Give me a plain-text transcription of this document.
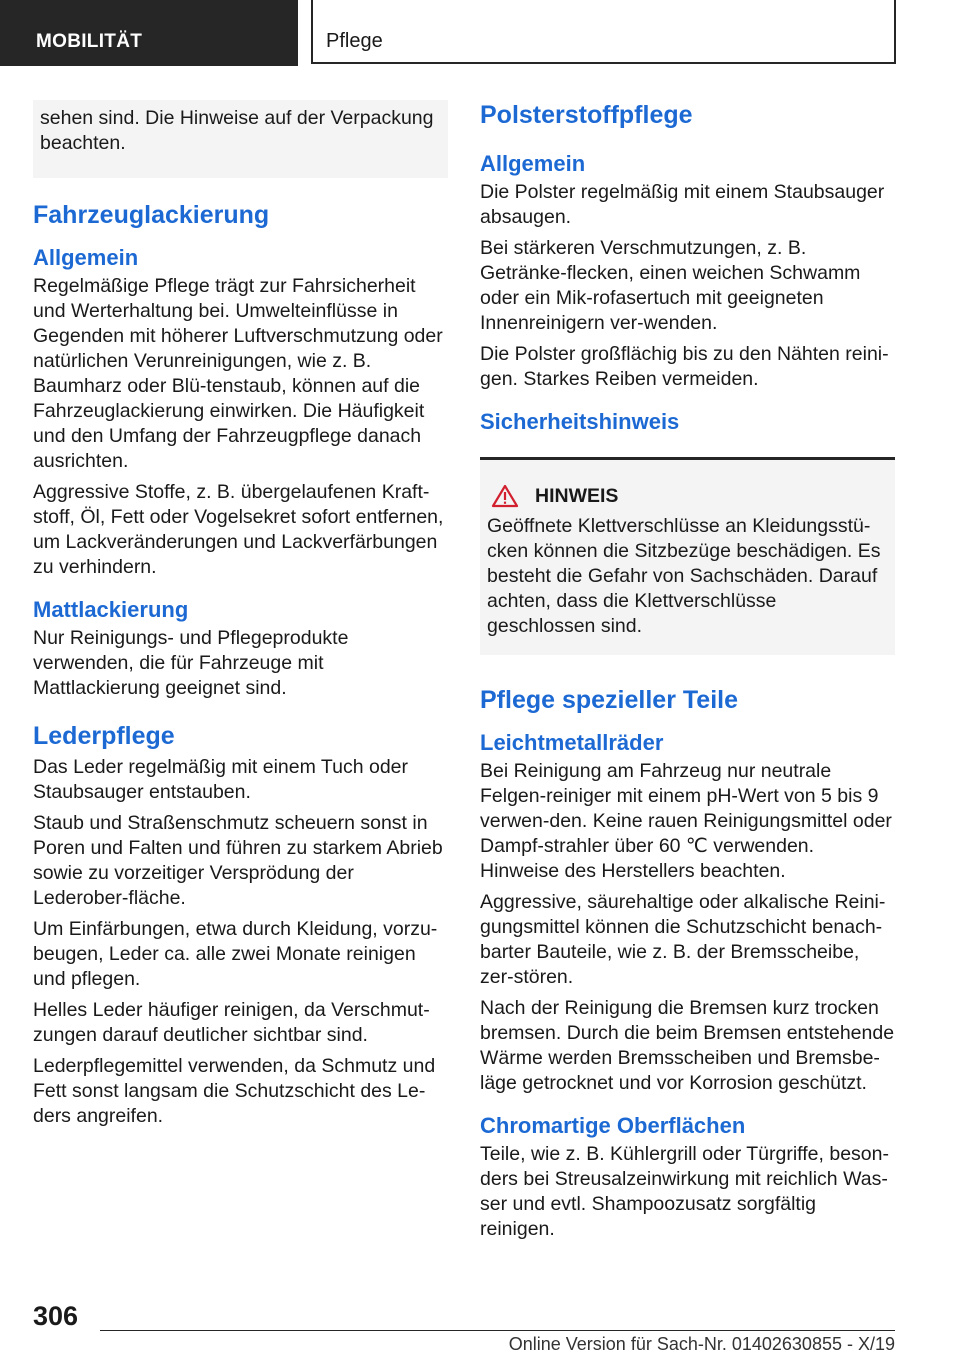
MOBILITÄT	Pflege

sehen sind. Die Hinweise auf der Verpackung beachten.

Fahrzeuglackierung
Allgemein

Regelmäßige Pflege trägt zur Fahrsicherheit und Werterhaltung bei. Umwelteinflüsse in Gegenden mit höherer Luftverschmutzung oder natürlichen Verunreinigungen, wie z. B. Baumharz oder Blü-tenstaub, können auf die Fahrzeuglackierung einwirken. Die Häufigkeit und den Umfang der Fahrzeugpflege danach ausrichten.

Aggressive Stoffe, z. B. übergelaufenen Kraft-stoff, Öl, Fett oder Vogelsekret sofort entfernen, um Lackveränderungen und Lackverfärbungen zu verhindern.

Mattlackierung

Nur Reinigungs- und Pflegeprodukte verwenden, die für Fahrzeuge mit Mattlackierung geeignet sind.

Lederpflege

Das Leder regelmäßig mit einem Tuch oder Staubsauger entstauben.

Staub und Straßenschmutz scheuern sonst in Poren und Falten und führen zu starkem Abrieb sowie zu vorzeitiger Versprödung der Lederober-fläche.

Um Einfärbungen, etwa durch Kleidung, vorzu-beugen, Leder ca. alle zwei Monate reinigen und pflegen.

Helles Leder häufiger reinigen, da Verschmut-zungen darauf deutlicher sichtbar sind.

Lederpflegemittel verwenden, da Schmutz und Fett sonst langsam die Schutzschicht des Le-ders angreifen.

Polsterstoffpflege
Allgemein

Die Polster regelmäßig mit einem Staubsauger absaugen.

Bei stärkeren Verschmutzungen, z. B. Getränke-flecken, einen weichen Schwamm oder ein Mik-rofasertuch mit geeigneten Innenreinigern ver-wenden.

Die Polster großflächig bis zu den Nähten reini-gen. Starkes Reiben vermeiden.

Sicherheitshinweis
HINWEIS

Geöffnete Klettverschlüsse an Kleidungsstü-cken können die Sitzbezüge beschädigen. Es besteht die Gefahr von Sachschäden. Darauf achten, dass die Klettverschlüsse geschlossen sind.

Pflege spezieller Teile
Leichtmetallräder

Bei Reinigung am Fahrzeug nur neutrale Felgen-reiniger mit einem pH-Wert von 5 bis 9 verwen-den. Keine rauen Reinigungsmittel oder Dampf-strahler über 60 ℃ verwenden. Hinweise des Herstellers beachten.

Aggressive, säurehaltige oder alkalische Reini-gungsmittel können die Schutzschicht benach-barter Bauteile, wie z. B. der Bremsscheibe, zer-stören.

Nach der Reinigung die Bremsen kurz trocken bremsen. Durch die beim Bremsen entstehende Wärme werden Bremsscheiben und Bremsbe-läge getrocknet und vor Korrosion geschützt.

Chromartige Oberflächen

Teile, wie z. B. Kühlergrill oder Türgriffe, beson-ders bei Streusalzeinwirkung mit reichlich Was-ser und evtl. Shampoozusatz sorgfältig reinigen.

306
Online Version für Sach-Nr. 01402630855 - X/19
